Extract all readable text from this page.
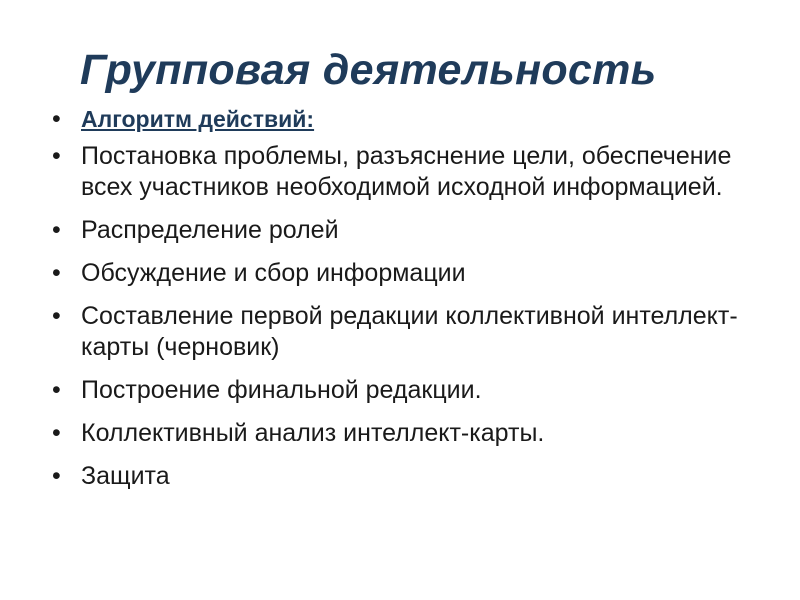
Групповая деятельность
• Алгоритм действий:
• Постановка проблемы, разъяснение цели, обеспечение всех участников необходимой исходной информацией.
• Распределение ролей
• Обсуждение и сбор информации
• Составление первой редакции коллективной интеллект-карты (черновик)
• Построение финальной редакции.
• Коллективный анализ интеллект-карты.
• Защита
